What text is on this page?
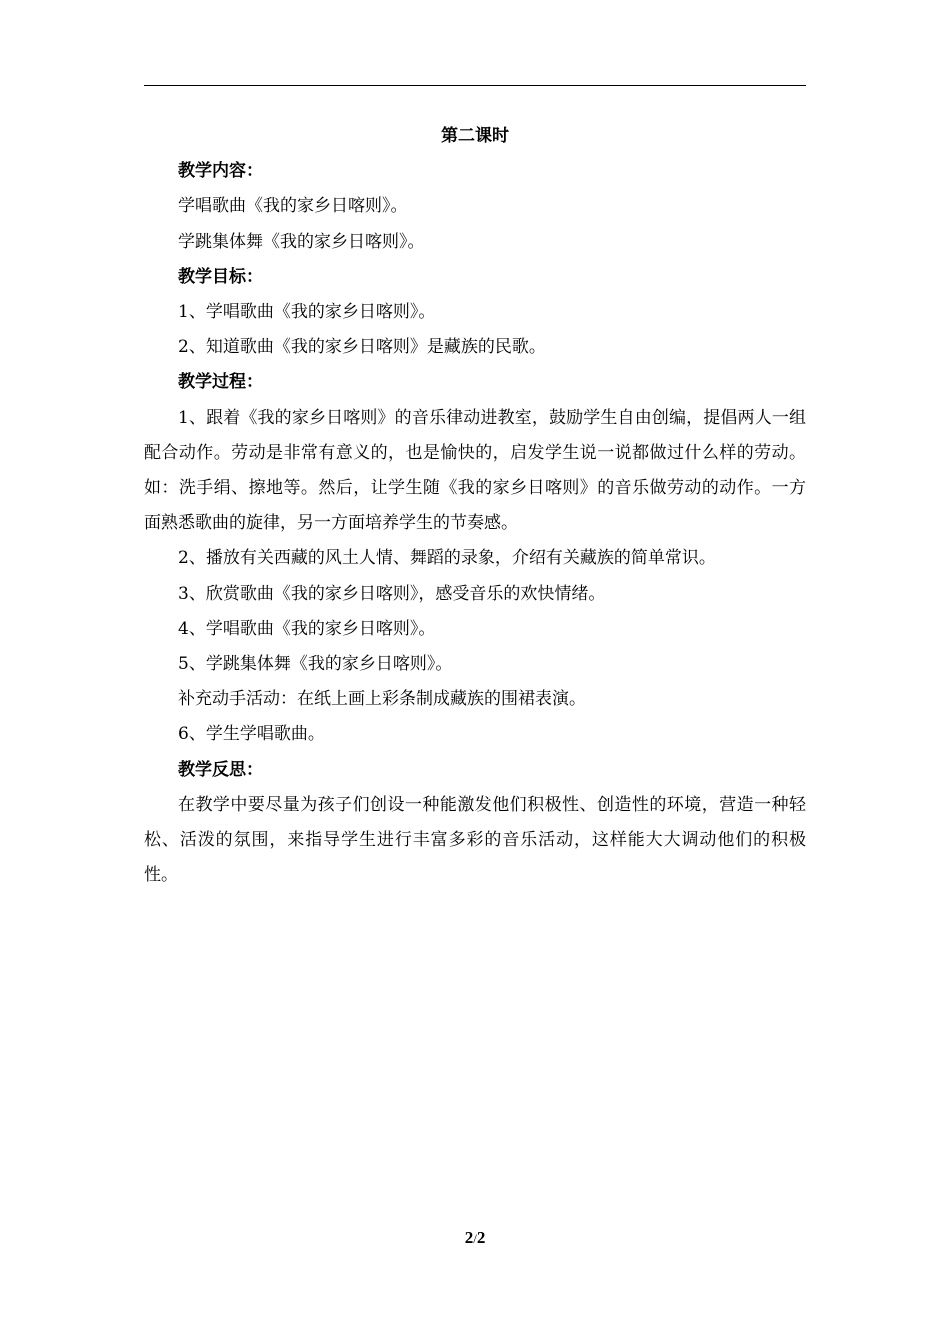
第二课时

教学内容：

学唱歌曲《我的家乡日喀则》。

学跳集体舞《我的家乡日喀则》。

教学目标：

1、学唱歌曲《我的家乡日喀则》。

2、知道歌曲《我的家乡日喀则》是藏族的民歌。

教学过程：

1、跟着《我的家乡日喀则》的音乐律动进教室，鼓励学生自由创编，提倡两人一组配合动作。劳动是非常有意义的，也是愉快的，启发学生说一说都做过什么样的劳动。如：洗手绢、擦地等。然后，让学生随《我的家乡日喀则》的音乐做劳动的动作。一方面熟悉歌曲的旋律，另一方面培养学生的节奏感。

2、播放有关西藏的风土人情、舞蹈的录象，介绍有关藏族的简单常识。

3、欣赏歌曲《我的家乡日喀则》，感受音乐的欢快情绪。

4、学唱歌曲《我的家乡日喀则》。

5、学跳集体舞《我的家乡日喀则》。

补充动手活动：在纸上画上彩条制成藏族的围裙表演。

6、学生学唱歌曲。

教学反思：

在教学中要尽量为孩子们创设一种能激发他们积极性、创造性的环境，营造一种轻松、活泼的氛围，来指导学生进行丰富多彩的音乐活动，这样能大大调动他们的积极性。

2/2
